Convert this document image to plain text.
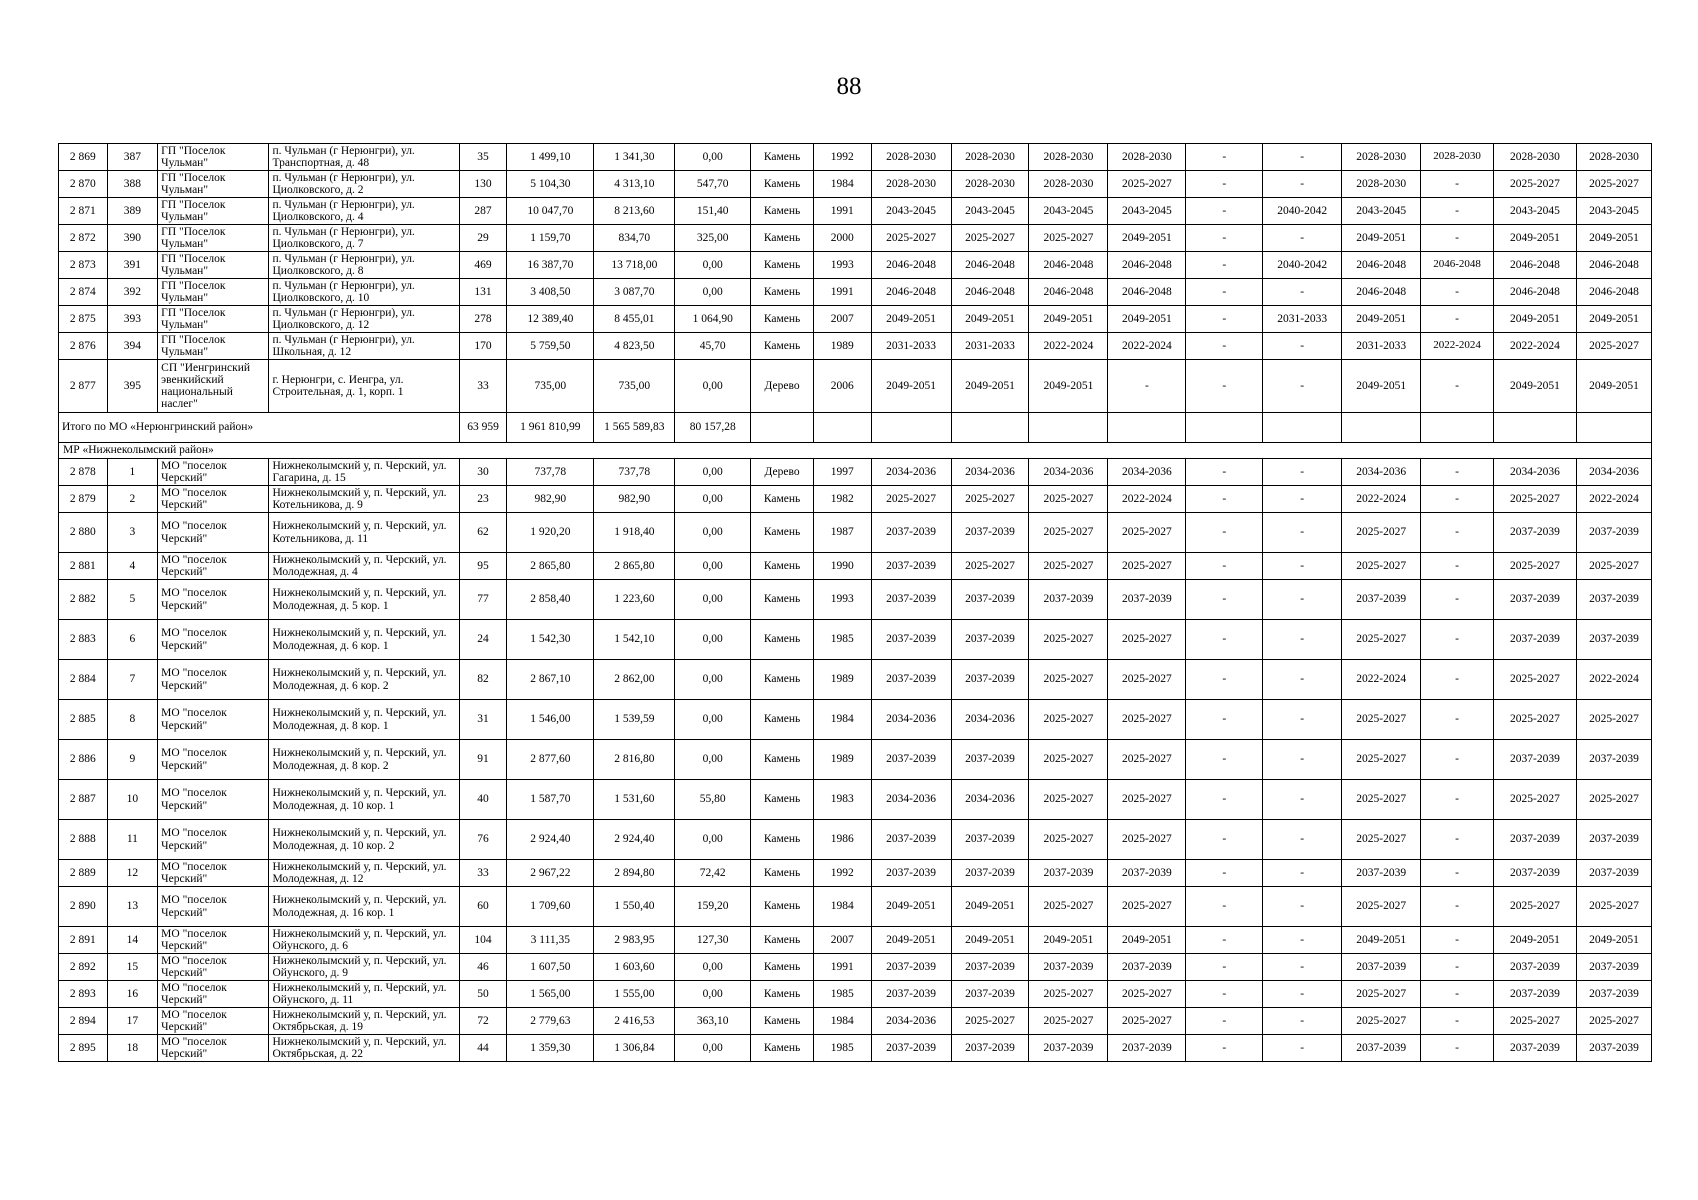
88
2 869	387	ГП "Поселок Чульман"	п. Чульман (г Нерюнгри), ул. Транспортная, д. 48	35	1 499,10	1 341,30	0,00	Камень	1992	2028-2030	2028-2030	2028-2030	2028-2030	-	-	2028-2030	2028-2030	2028-2030	2028-2030
2 870	388	ГП "Поселок Чульман"	п. Чульман (г Нерюнгри), ул. Циолковского, д. 2	130	5 104,30	4 313,10	547,70	Камень	1984	2028-2030	2028-2030	2028-2030	2025-2027	-	-	2028-2030	-	2025-2027	2025-2027
2 871	389	ГП "Поселок Чульман"	п. Чульман (г Нерюнгри), ул. Циолковского, д. 4	287	10 047,70	8 213,60	151,40	Камень	1991	2043-2045	2043-2045	2043-2045	2043-2045	-	2040-2042	2043-2045	-	2043-2045	2043-2045
2 872	390	ГП "Поселок Чульман"	п. Чульман (г Нерюнгри), ул. Циолковского, д. 7	29	1 159,70	834,70	325,00	Камень	2000	2025-2027	2025-2027	2025-2027	2049-2051	-	-	2049-2051	-	2049-2051	2049-2051
2 873	391	ГП "Поселок Чульман"	п. Чульман (г Нерюнгри), ул. Циолковского, д. 8	469	16 387,70	13 718,00	0,00	Камень	1993	2046-2048	2046-2048	2046-2048	2046-2048	-	2040-2042	2046-2048	2046-2048	2046-2048	2046-2048
2 874	392	ГП "Поселок Чульман"	п. Чульман (г Нерюнгри), ул. Циолковского, д. 10	131	3 408,50	3 087,70	0,00	Камень	1991	2046-2048	2046-2048	2046-2048	2046-2048	-	-	2046-2048	-	2046-2048	2046-2048
2 875	393	ГП "Поселок Чульман"	п. Чульман (г Нерюнгри), ул. Циолковского, д. 12	278	12 389,40	8 455,01	1 064,90	Камень	2007	2049-2051	2049-2051	2049-2051	2049-2051	-	2031-2033	2049-2051	-	2049-2051	2049-2051
2 876	394	ГП "Поселок Чульман"	п. Чульман (г Нерюнгри), ул. Школьная, д. 12	170	5 759,50	4 823,50	45,70	Камень	1989	2031-2033	2031-2033	2022-2024	2022-2024	-	-	2031-2033	2022-2024	2022-2024	2025-2027
2 877	395	СП "Иенгринский эвенкийский национальный наслег"	г. Нерюнгри, с. Иенгра, ул. Строительная, д. 1, корп. 1	33	735,00	735,00	0,00	Дерево	2006	2049-2051	2049-2051	2049-2051	-	-	-	2049-2051	-	2049-2051	2049-2051
Итого по МО «Нерюнгринский район»				63 959	1 961 810,99	1 565 589,83	80 157,28												
МР «Нижнеколымский район»																			
2 878	1	МО "поселок Черский"	Нижнеколымский у, п. Черский, ул. Гагарина, д. 15	30	737,78	737,78	0,00	Дерево	1997	2034-2036	2034-2036	2034-2036	2034-2036	-	-	2034-2036	-	2034-2036	2034-2036
2 879	2	МО "поселок Черский"	Нижнеколымский у, п. Черский, ул. Котельникова, д. 9	23	982,90	982,90	0,00	Камень	1982	2025-2027	2025-2027	2025-2027	2022-2024	-	-	2022-2024	-	2025-2027	2022-2024
2 880	3	МО "поселок Черский"	Нижнеколымский у, п. Черский, ул. Котельникова, д. 11	62	1 920,20	1 918,40	0,00	Камень	1987	2037-2039	2037-2039	2025-2027	2025-2027	-	-	2025-2027	-	2037-2039	2037-2039
2 881	4	МО "поселок Черский"	Нижнеколымский у, п. Черский, ул. Молодежная, д. 4	95	2 865,80	2 865,80	0,00	Камень	1990	2037-2039	2025-2027	2025-2027	2025-2027	-	-	2025-2027	-	2025-2027	2025-2027
2 882	5	МО "поселок Черский"	Нижнеколымский у, п. Черский, ул. Молодежная, д. 5 кор. 1	77	2 858,40	1 223,60	0,00	Камень	1993	2037-2039	2037-2039	2037-2039	2037-2039	-	-	2037-2039	-	2037-2039	2037-2039
2 883	6	МО "поселок Черский"	Нижнеколымский у, п. Черский, ул. Молодежная, д. 6 кор. 1	24	1 542,30	1 542,10	0,00	Камень	1985	2037-2039	2037-2039	2025-2027	2025-2027	-	-	2025-2027	-	2037-2039	2037-2039
2 884	7	МО "поселок Черский"	Нижнеколымский у, п. Черский, ул. Молодежная, д. 6 кор. 2	82	2 867,10	2 862,00	0,00	Камень	1989	2037-2039	2037-2039	2025-2027	2025-2027	-	-	2022-2024	-	2025-2027	2022-2024
2 885	8	МО "поселок Черский"	Нижнеколымский у, п. Черский, ул. Молодежная, д. 8 кор. 1	31	1 546,00	1 539,59	0,00	Камень	1984	2034-2036	2034-2036	2025-2027	2025-2027	-	-	2025-2027	-	2025-2027	2025-2027
2 886	9	МО "поселок Черский"	Нижнеколымский у, п. Черский, ул. Молодежная, д. 8 кор. 2	91	2 877,60	2 816,80	0,00	Камень	1989	2037-2039	2037-2039	2025-2027	2025-2027	-	-	2025-2027	-	2037-2039	2037-2039
2 887	10	МО "поселок Черский"	Нижнеколымский у, п. Черский, ул. Молодежная, д. 10 кор. 1	40	1 587,70	1 531,60	55,80	Камень	1983	2034-2036	2034-2036	2025-2027	2025-2027	-	-	2025-2027	-	2025-2027	2025-2027
2 888	11	МО "поселок Черский"	Нижнеколымский у, п. Черский, ул. Молодежная, д. 10 кор. 2	76	2 924,40	2 924,40	0,00	Камень	1986	2037-2039	2037-2039	2025-2027	2025-2027	-	-	2025-2027	-	2037-2039	2037-2039
2 889	12	МО "поселок Черский"	Нижнеколымский у, п. Черский, ул. Молодежная, д. 12	33	2 967,22	2 894,80	72,42	Камень	1992	2037-2039	2037-2039	2037-2039	2037-2039	-	-	2037-2039	-	2037-2039	2037-2039
2 890	13	МО "поселок Черский"	Нижнеколымский у, п. Черский, ул. Молодежная, д. 16 кор. 1	60	1 709,60	1 550,40	159,20	Камень	1984	2049-2051	2049-2051	2025-2027	2025-2027	-	-	2025-2027	-	2025-2027	2025-2027
2 891	14	МО "поселок Черский"	Нижнеколымский у, п. Черский, ул. Ойунского, д. 6	104	3 111,35	2 983,95	127,30	Камень	2007	2049-2051	2049-2051	2049-2051	2049-2051	-	-	2049-2051	-	2049-2051	2049-2051
2 892	15	МО "поселок Черский"	Нижнеколымский у, п. Черский, ул. Ойунского, д. 9	46	1 607,50	1 603,60	0,00	Камень	1991	2037-2039	2037-2039	2037-2039	2037-2039	-	-	2037-2039	-	2037-2039	2037-2039
2 893	16	МО "поселок Черский"	Нижнеколымский у, п. Черский, ул. Ойунского, д. 11	50	1 565,00	1 555,00	0,00	Камень	1985	2037-2039	2037-2039	2025-2027	2025-2027	-	-	2025-2027	-	2037-2039	2037-2039
2 894	17	МО "поселок Черский"	Нижнеколымский у, п. Черский, ул. Октябрьская, д. 19	72	2 779,63	2 416,53	363,10	Камень	1984	2034-2036	2025-2027	2025-2027	2025-2027	-	-	2025-2027	-	2025-2027	2025-2027
2 895	18	МО "поселок Черский"	Нижнеколымский у, п. Черский, ул. Октябрьская, д. 22	44	1 359,30	1 306,84	0,00	Камень	1985	2037-2039	2037-2039	2037-2039	2037-2039	-	-	2037-2039	-	2037-2039	2037-2039
